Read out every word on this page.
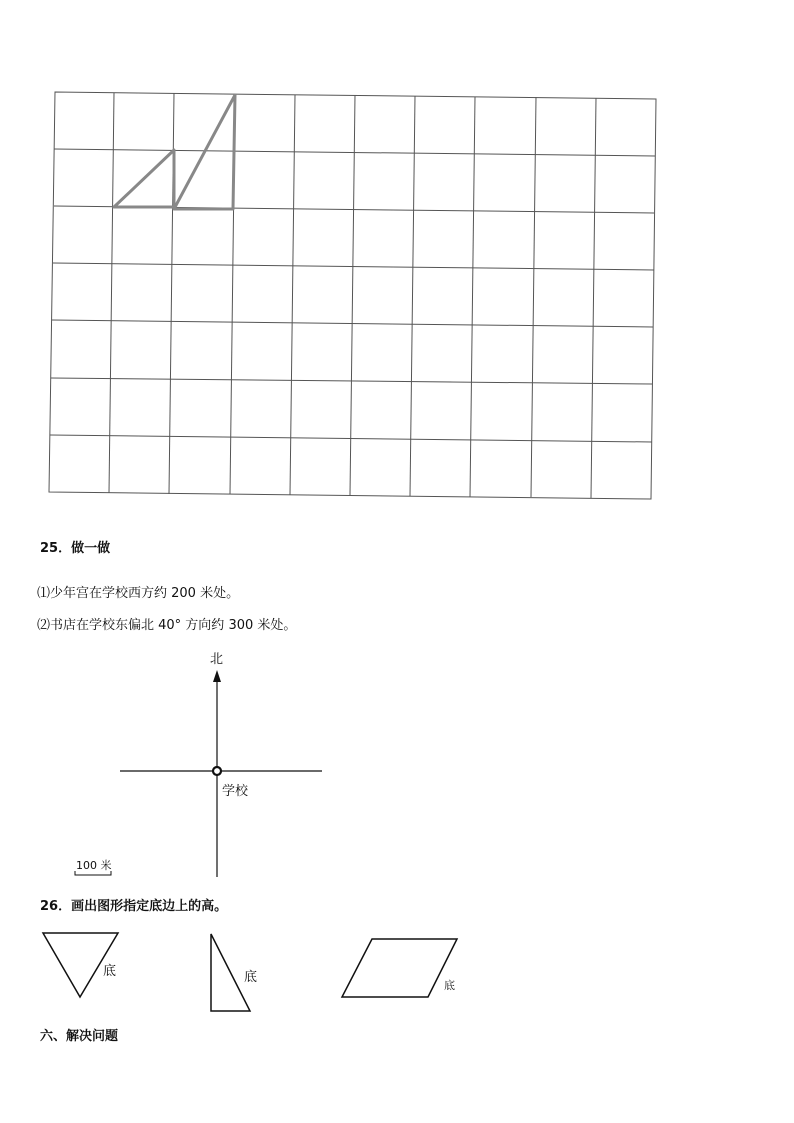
25．做一做
⑴少年宫在学校西方约 200 米处。
⑵书店在学校东偏北 40° 方向约 300 米处。
北
学校
100 米
26．画出图形指定底边上的高。
底	底
底
六、解决问题
